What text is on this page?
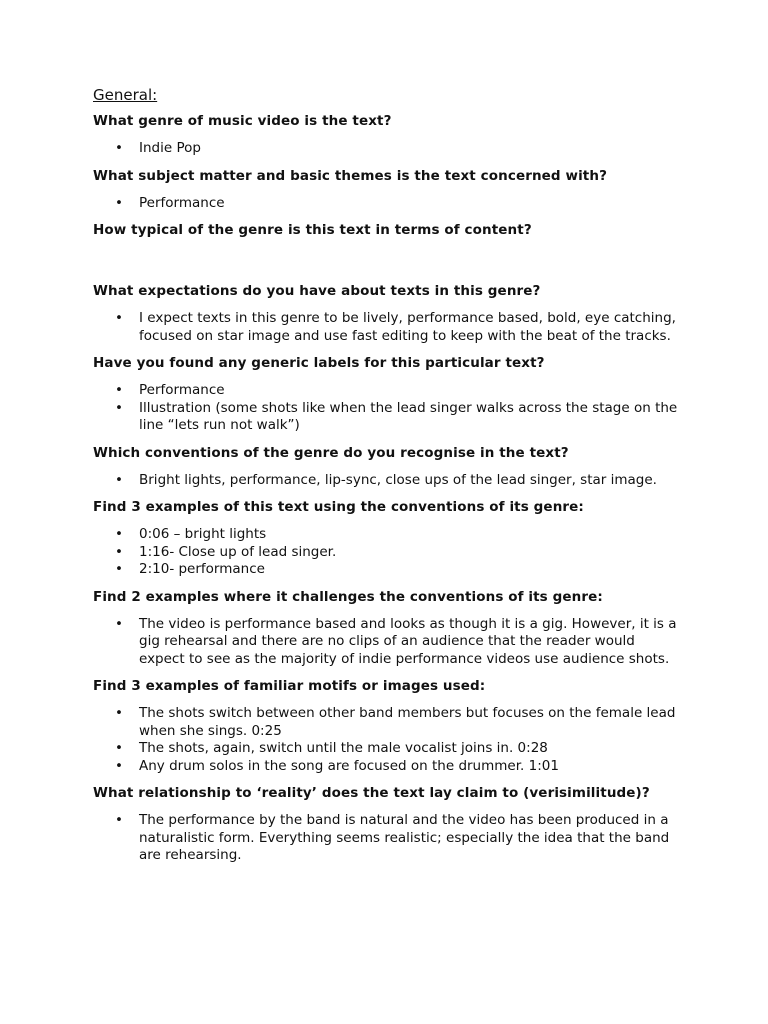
General:
What genre of music video is the text?
• Indie Pop
What subject matter and basic themes is the text concerned with?
• Performance
How typical of the genre is this text in terms of content?
What expectations do you have about texts in this genre?
• I expect texts in this genre to be lively, performance based, bold, eye catching, focused on star image and use fast editing to keep with the beat of the tracks.
Have you found any generic labels for this particular text?
• Performance
• Illustration (some shots like when the lead singer walks across the stage on the line “lets run not walk”)
Which conventions of the genre do you recognise in the text?
• Bright lights, performance, lip-sync, close ups of the lead singer, star image.
Find 3 examples of this text using the conventions of its genre:
• 0:06 – bright lights
• 1:16- Close up of lead singer.
• 2:10- performance
Find 2 examples where it challenges the conventions of its genre:
• The video is performance based and looks as though it is a gig. However, it is a gig rehearsal and there are no clips of an audience that the reader would expect to see as the majority of indie performance videos use audience shots.
Find 3 examples of familiar motifs or images used:
• The shots switch between other band members but focuses on the female lead when she sings. 0:25
• The shots, again, switch until the male vocalist joins in. 0:28
• Any drum solos in the song are focused on the drummer. 1:01
What relationship to ‘reality’ does the text lay claim to (verisimilitude)?
• The performance by the band is natural and the video has been produced in a naturalistic form. Everything seems realistic; especially the idea that the band are rehearsing.
